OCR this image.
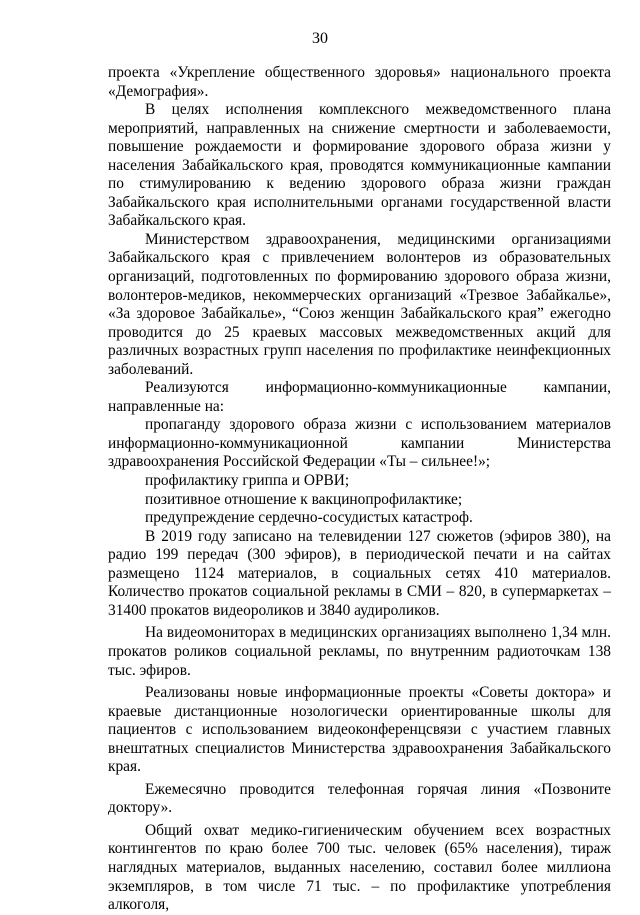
30

проекта «Укрепление общественного здоровья» национального проекта «Демография».

В целях исполнения комплексного межведомственного плана мероприятий, направленных на снижение смертности и заболеваемости, повышение рождаемости и формирование здорового образа жизни у населения Забайкальского края, проводятся коммуникационные кампании по стимулированию к ведению здорового образа жизни граждан Забайкальского края исполнительными органами государственной власти Забайкальского края.

Министерством здравоохранения, медицинскими организациями Забайкальского края с привлечением волонтеров из образовательных организаций, подготовленных по формированию здорового образа жизни, волонтеров-медиков, некоммерческих организаций «Трезвое Забайкалье», «За здоровое Забайкалье», “Союз женщин Забайкальского края” ежегодно проводится до 25 краевых массовых межведомственных акций для различных возрастных групп населения по профилактике неинфекционных заболеваний.

Реализуются информационно-коммуникационные кампании, направленные на:

пропаганду здорового образа жизни с использованием материалов информационно-коммуникационной кампании Министерства здравоохранения Российской Федерации «Ты – сильнее!»;

профилактику гриппа и ОРВИ;

позитивное отношение к вакцинопрофилактике;

предупреждение сердечно-сосудистых катастроф.

В 2019 году записано на телевидении 127 сюжетов (эфиров 380), на радио 199 передач (300 эфиров), в периодической печати и на сайтах размещено 1124 материалов, в социальных сетях 410 материалов. Количество прокатов социальной рекламы в СМИ – 820, в супермаркетах – 31400 прокатов видеороликов и 3840 аудироликов.

На видеомониторах в медицинских организациях выполнено 1,34 млн. прокатов роликов социальной рекламы, по внутренним радиоточкам 138 тыс. эфиров.

Реализованы новые информационные проекты «Советы доктора» и краевые дистанционные нозологически ориентированные школы для пациентов с использованием видеоконференцсвязи с участием главных внештатных специалистов Министерства здравоохранения Забайкальского края.

Ежемесячно проводится телефонная горячая линия «Позвоните доктору».

Общий охват медико-гигиеническим обучением всех возрастных контингентов по краю более 700 тыс. человек (65% населения), тираж наглядных материалов, выданных населению, составил более миллиона экземпляров, в том числе 71 тыс. – по профилактике употребления алкоголя,
